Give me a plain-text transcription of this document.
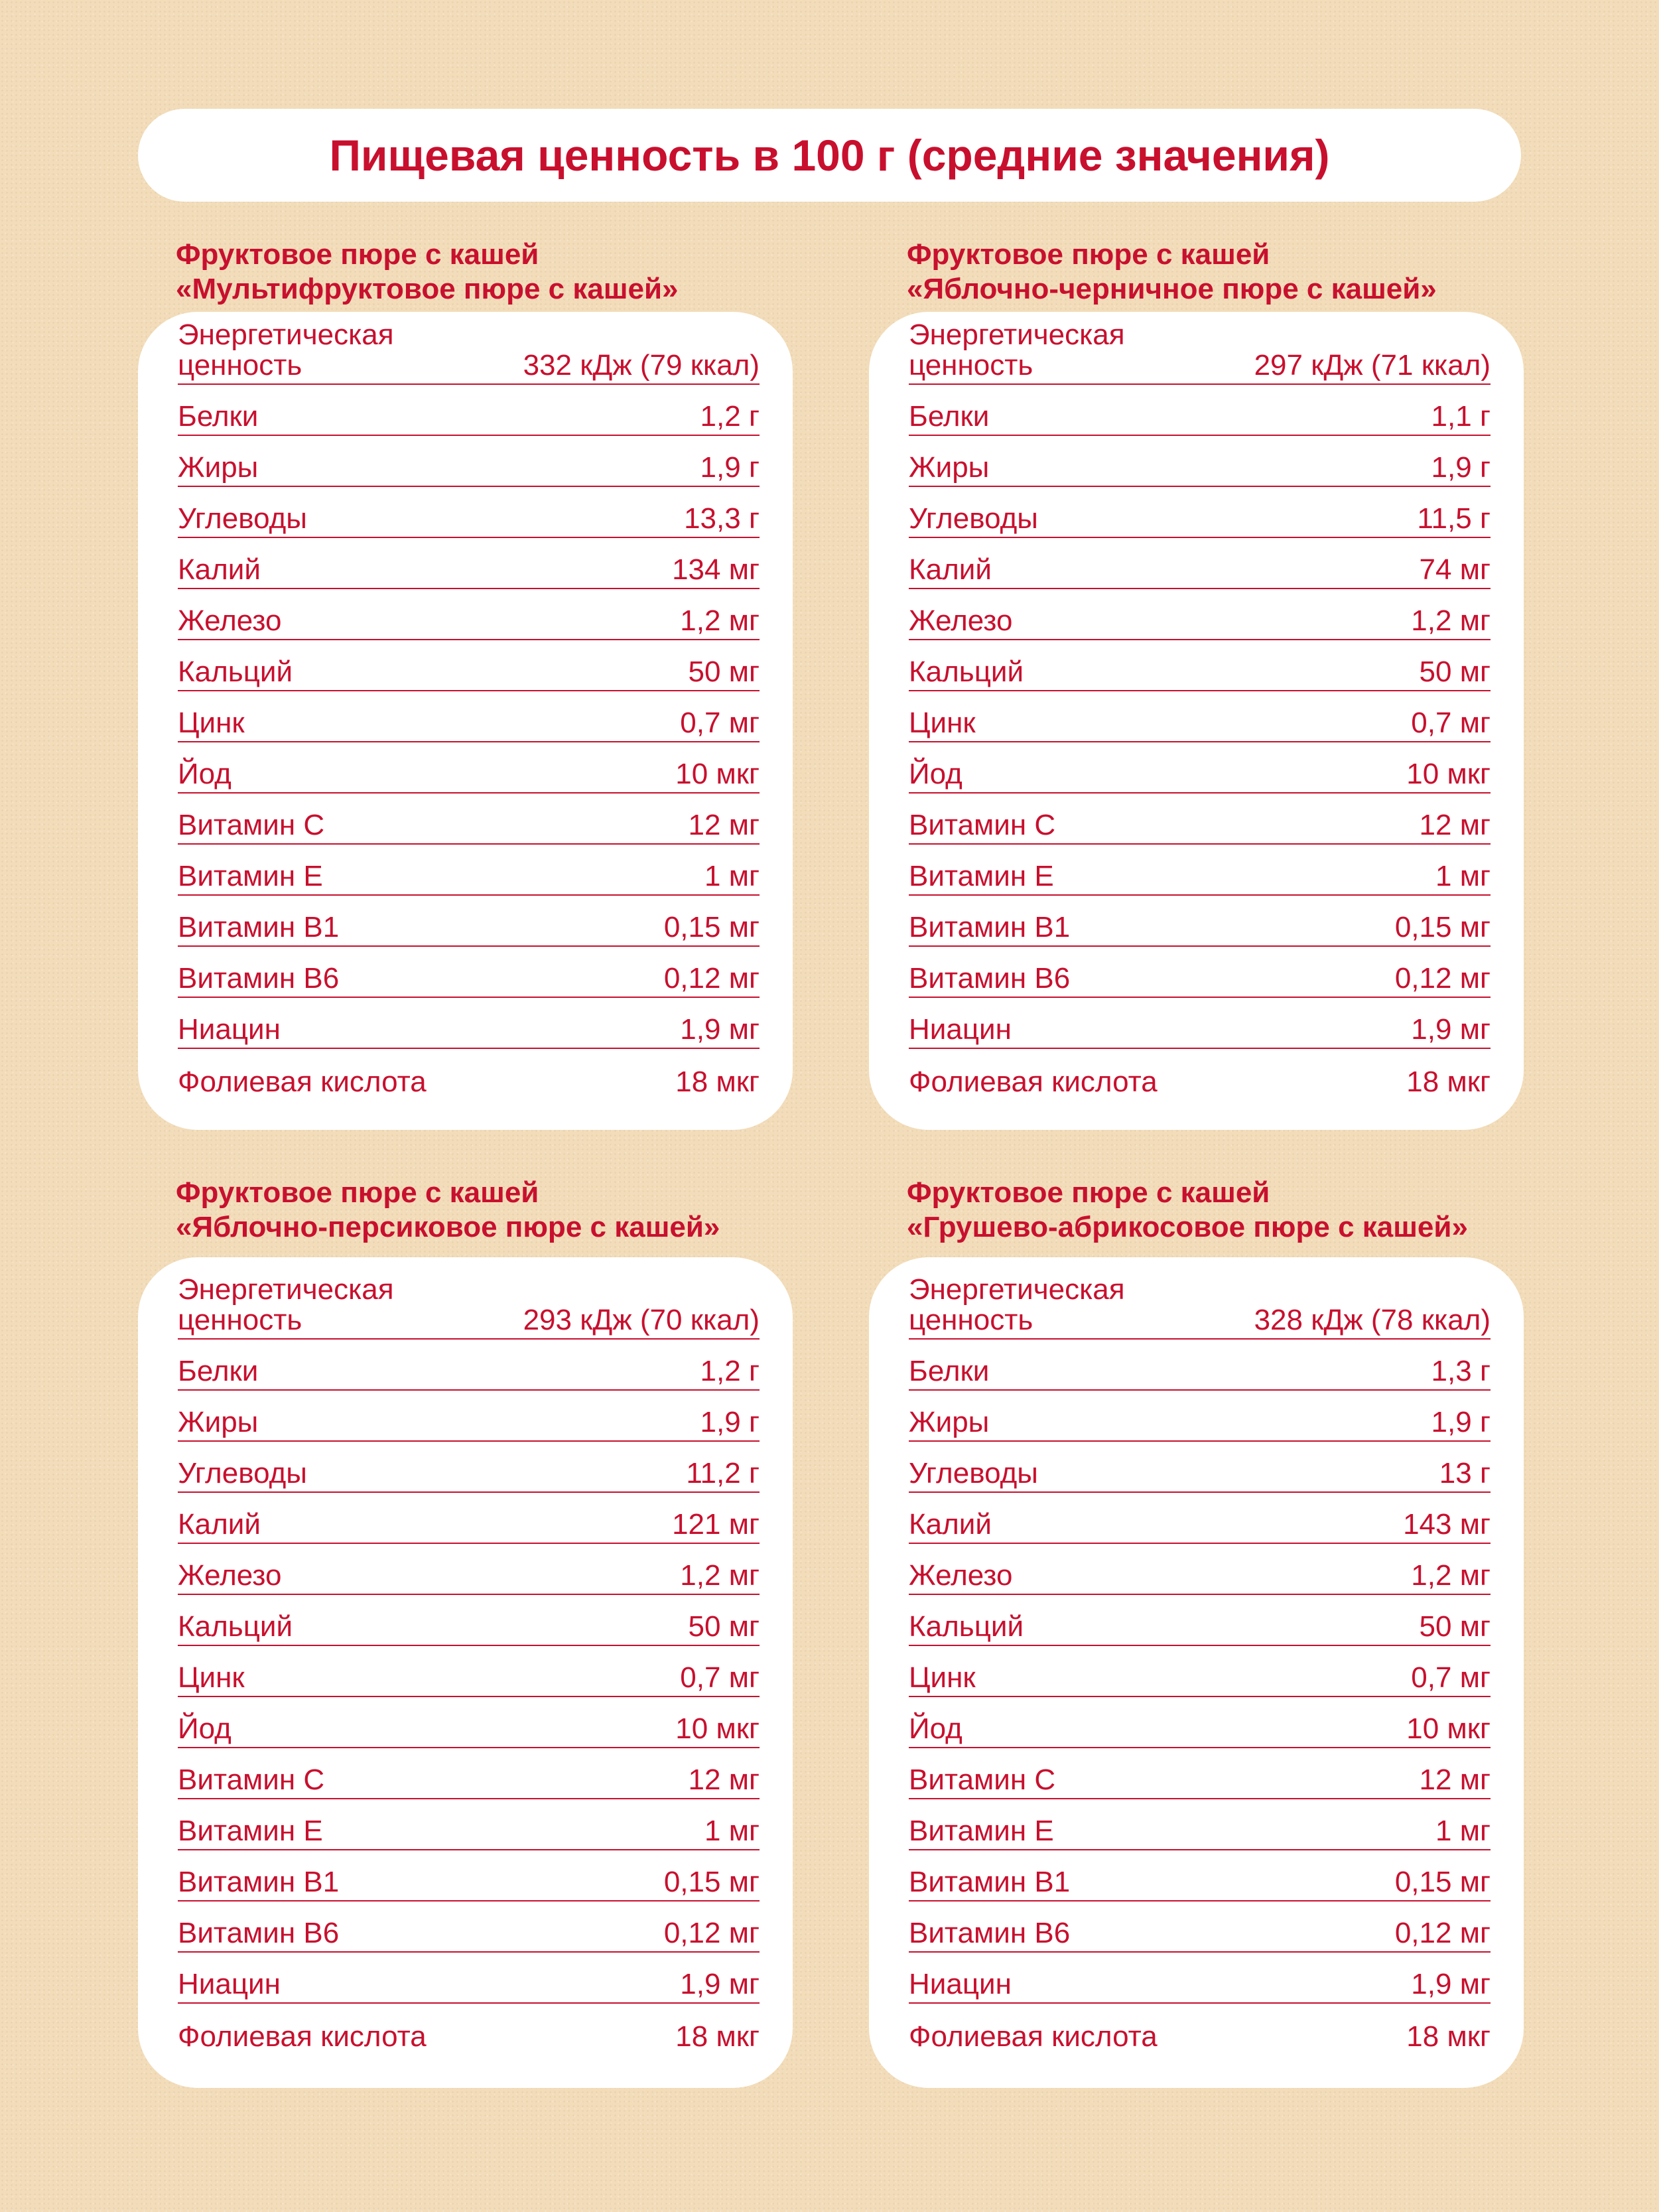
Пищевая ценность в 100 г (средние значения)
Фруктовое пюре с кашей
«Мультифруктовое пюре с кашей»
Энергетическая
ценность	332 кДж (79 ккал)
Белки	1,2 г
Жиры	1,9 г
Углеводы	13,3 г
Калий	134 мг
Железо	1,2 мг
Кальций	50 мг
Цинк	0,7 мг
Йод	10 мкг
Витамин С	12 мг
Витамин Е	1 мг
Витамин В1	0,15 мг
Витамин В6	0,12 мг
Ниацин	1,9 мг
Фолиевая кислота	18 мкг
Фруктовое пюре с кашей
«Яблочно-черничное пюре с кашей»
Энергетическая
ценность	297 кДж (71 ккал)
Белки	1,1 г
Жиры	1,9 г
Углеводы	11,5 г
Калий	74 мг
Железо	1,2 мг
Кальций	50 мг
Цинк	0,7 мг
Йод	10 мкг
Витамин С	12 мг
Витамин Е	1 мг
Витамин В1	0,15 мг
Витамин В6	0,12 мг
Ниацин	1,9 мг
Фолиевая кислота	18 мкг
Фруктовое пюре с кашей
«Яблочно-персиковое пюре с кашей»
Энергетическая
ценность	293 кДж (70 ккал)
Белки	1,2 г
Жиры	1,9 г
Углеводы	11,2 г
Калий	121 мг
Железо	1,2 мг
Кальций	50 мг
Цинк	0,7 мг
Йод	10 мкг
Витамин С	12 мг
Витамин Е	1 мг
Витамин В1	0,15 мг
Витамин В6	0,12 мг
Ниацин	1,9 мг
Фолиевая кислота	18 мкг
Фруктовое пюре с кашей
«Грушево-абрикосовое пюре с кашей»
Энергетическая
ценность	328 кДж (78 ккал)
Белки	1,3 г
Жиры	1,9 г
Углеводы	13 г
Калий	143 мг
Железо	1,2 мг
Кальций	50 мг
Цинк	0,7 мг
Йод	10 мкг
Витамин С	12 мг
Витамин Е	1 мг
Витамин В1	0,15 мг
Витамин В6	0,12 мг
Ниацин	1,9 мг
Фолиевая кислота	18 мкг
